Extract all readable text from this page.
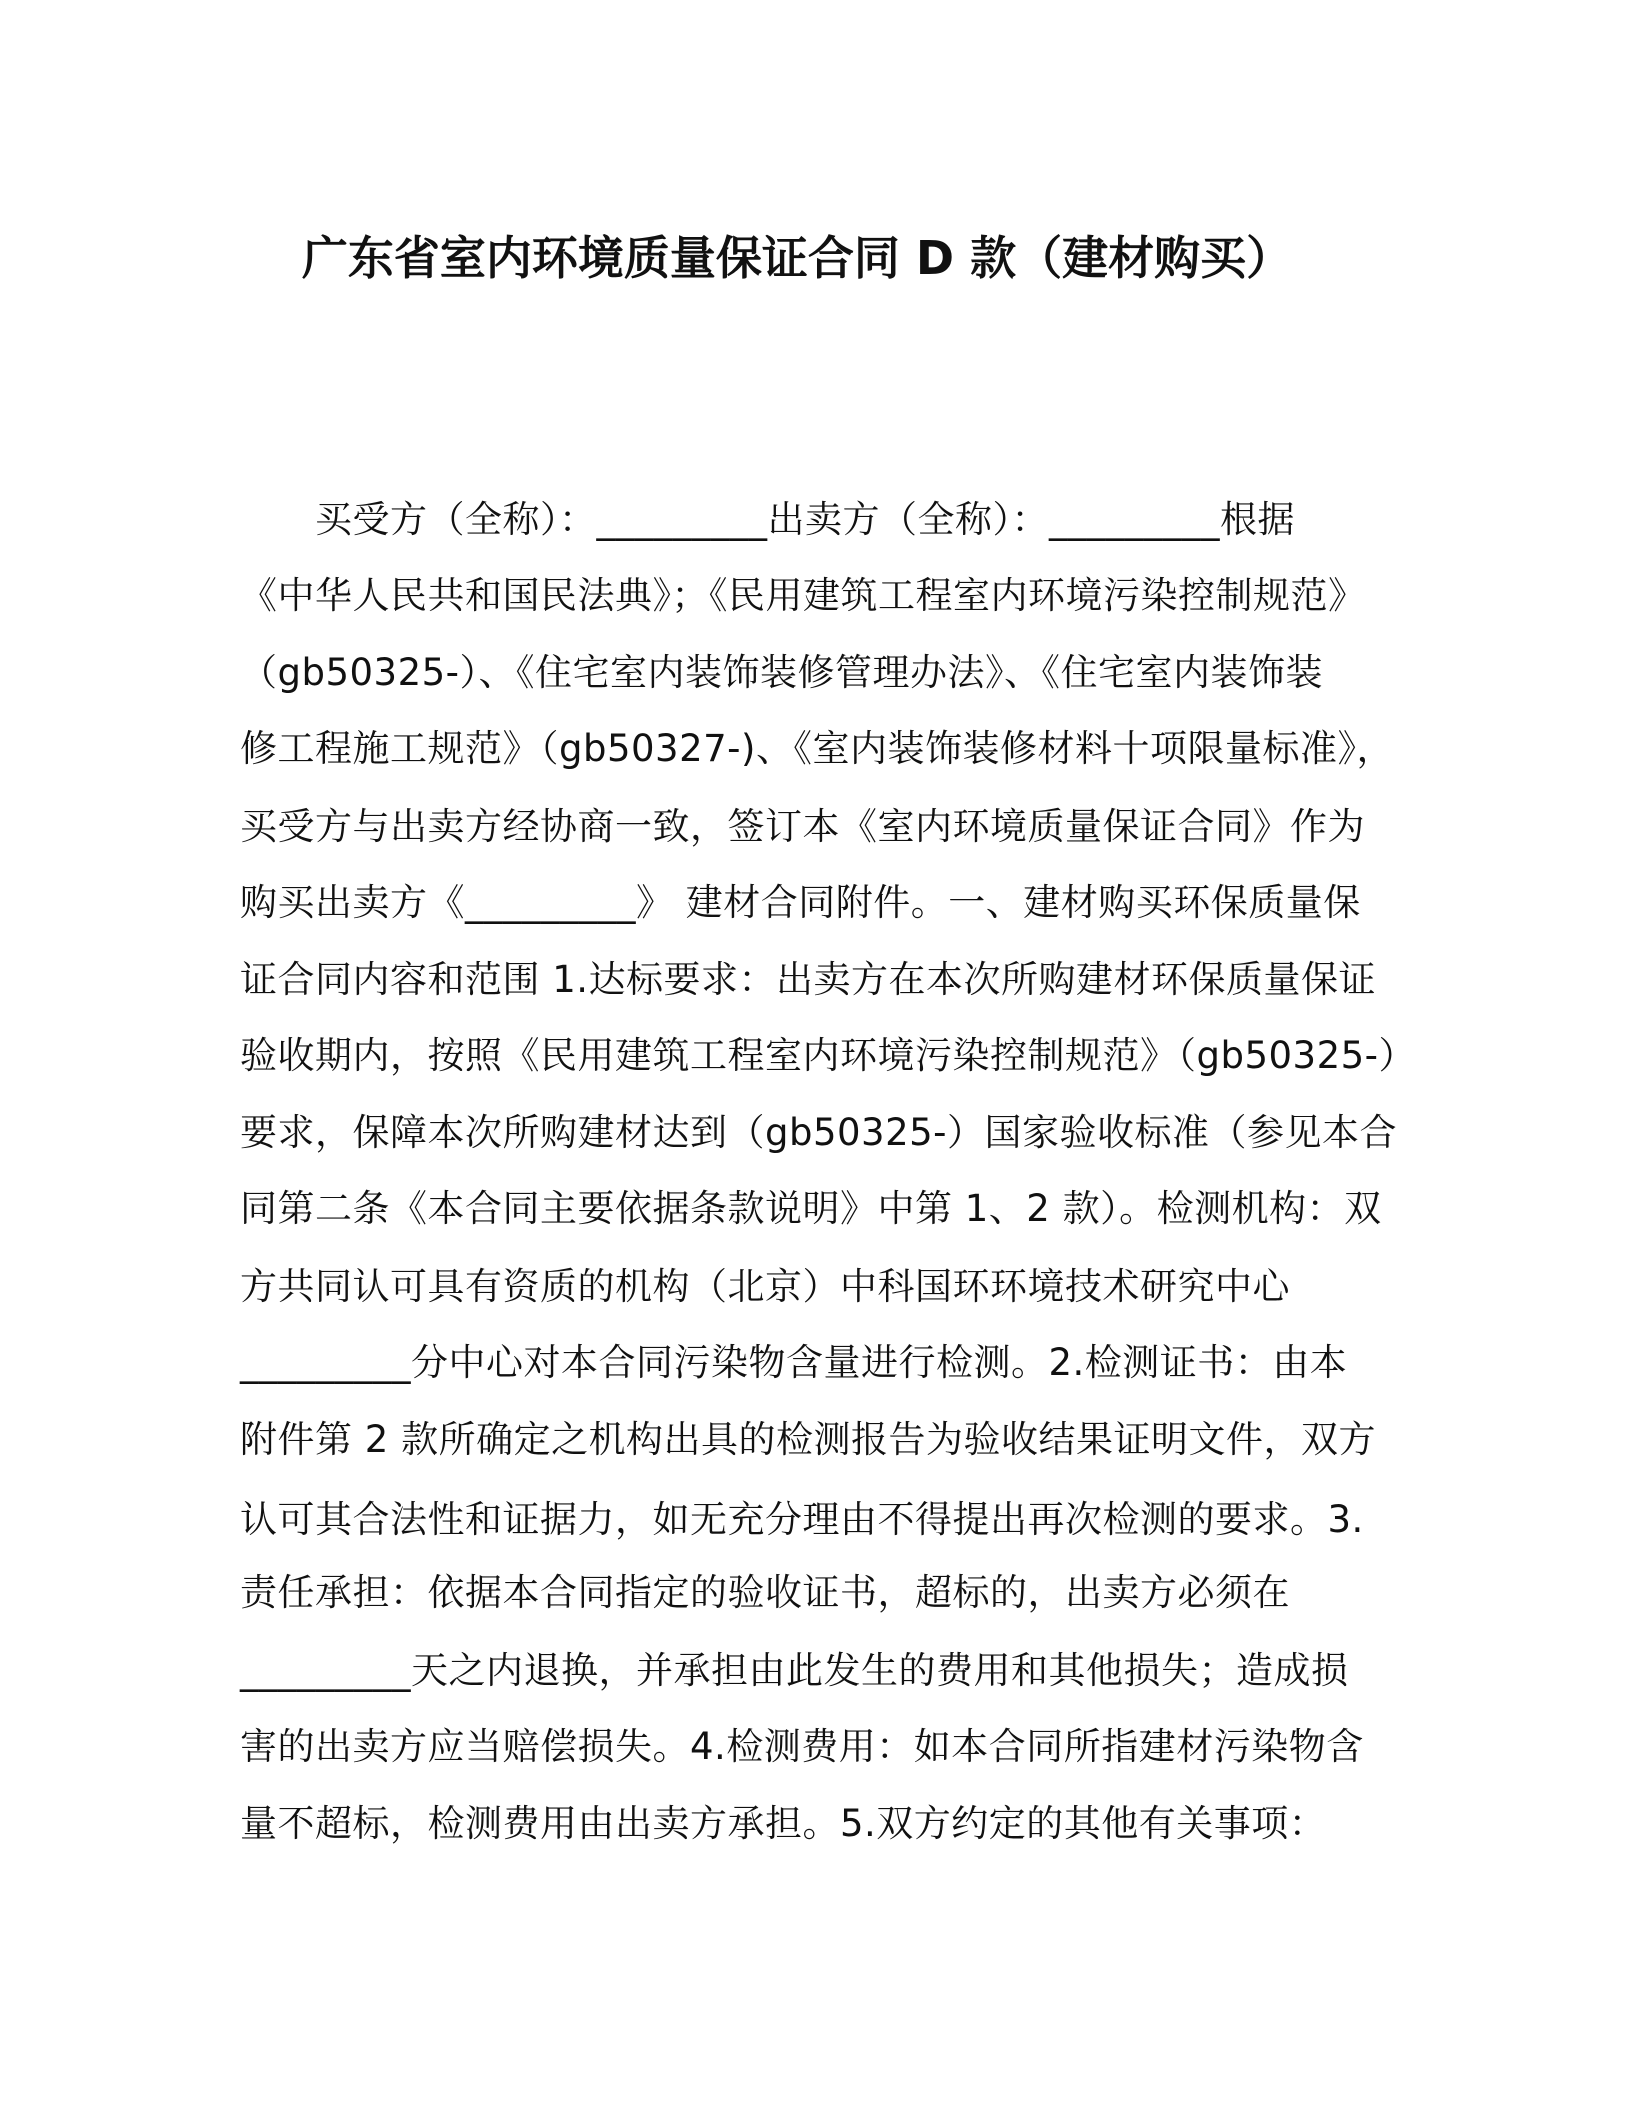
广东省室内环境质量保证合同 D 款（建材购买）
　　买受方（全称）：_________出卖方（全称）：_________根据
《中华人民共和国民法典》；《民用建筑工程室内环境污染控制规范》
（gb50325-）、《住宅室内装饰装修管理办法》、《住宅室内装饰装
修工程施工规范》（gb50327-)、《室内装饰装修材料十项限量标准》，
买受方与出卖方经协商一致，签订本《室内环境质量保证合同》作为
购买出卖方《_________》 建材合同附件。一、建材购买环保质量保
证合同内容和范围 1.达标要求：出卖方在本次所购建材环保质量保证
验收期内，按照《民用建筑工程室内环境污染控制规范》（gb50325-）
要求，保障本次所购建材达到（gb50325-）国家验收标准（参见本合
同第二条《本合同主要依据条款说明》中第 1、2 款）。检测机构：双
方共同认可具有资质的机构（北京）中科国环环境技术研究中心
_________分中心对本合同污染物含量进行检测。2.检测证书：由本
附件第 2 款所确定之机构出具的检测报告为验收结果证明文件，双方
认可其合法性和证据力，如无充分理由不得提出再次检测的要求。3.
责任承担：依据本合同指定的验收证书，超标的，出卖方必须在
_________天之内退换，并承担由此发生的费用和其他损失；造成损
害的出卖方应当赔偿损失。4.检测费用：如本合同所指建材污染物含
量不超标，检测费用由出卖方承担。5.双方约定的其他有关事项：
